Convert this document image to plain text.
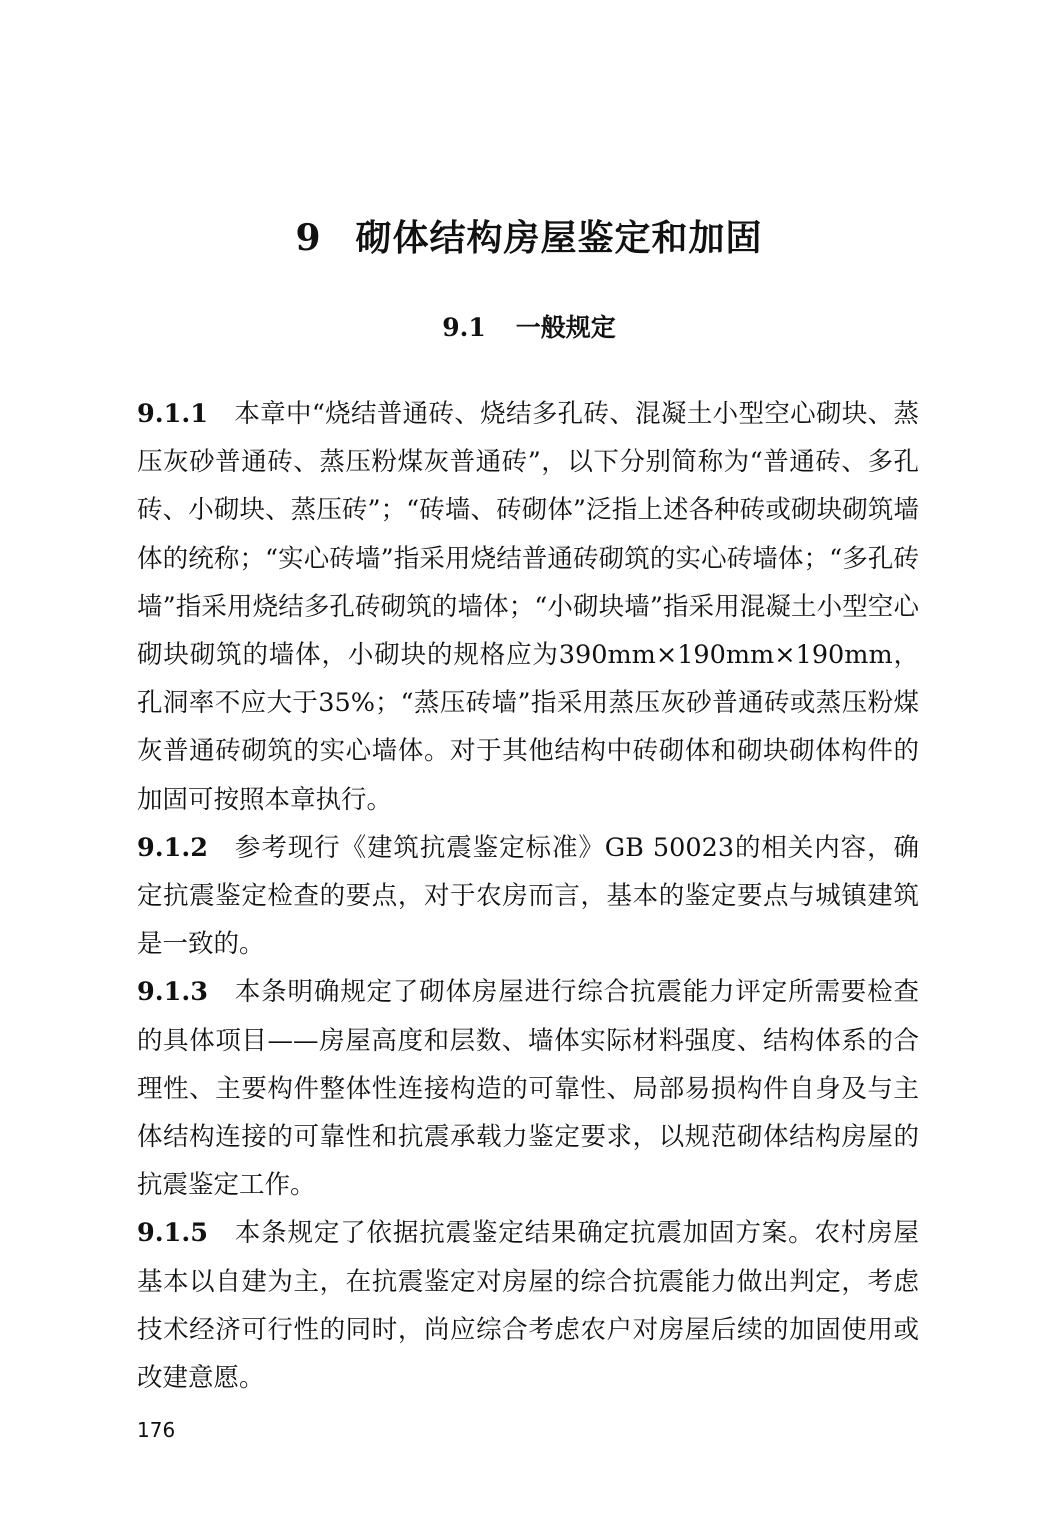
9 砌体结构房屋鉴定和加固
9.1 一般规定

9.1.1 本章中“烧结普通砖、烧结多孔砖、混凝土小型空心砌块、蒸压灰砂普通砖、蒸压粉煤灰普通砖”，以下分别简称为“普通砖、多孔砖、小砌块、蒸压砖”；“砖墙、砖砌体”泛指上述各种砖或砌块砌筑墙体的统称；“实心砖墙”指采用烧结普通砖砌筑的实心砖墙体；“多孔砖墙”指采用烧结多孔砖砌筑的墙体；“小砌块墙”指采用混凝土小型空心砌块砌筑的墙体，小砌块的规格应为390mm×190mm×190mm，孔洞率不应大于35%；“蒸压砖墙”指采用蒸压灰砂普通砖或蒸压粉煤灰普通砖砌筑的实心墙体。对于其他结构中砖砌体和砌块砌体构件的加固可按照本章执行。

9.1.2 参考现行《建筑抗震鉴定标准》GB 50023的相关内容，确定抗震鉴定检查的要点，对于农房而言，基本的鉴定要点与城镇建筑是一致的。

9.1.3 本条明确规定了砌体房屋进行综合抗震能力评定所需要检查的具体项目——房屋高度和层数、墙体实际材料强度、结构体系的合理性、主要构件整体性连接构造的可靠性、局部易损构件自身及与主体结构连接的可靠性和抗震承载力鉴定要求，以规范砌体结构房屋的抗震鉴定工作。

9.1.5 本条规定了依据抗震鉴定结果确定抗震加固方案。农村房屋基本以自建为主，在抗震鉴定对房屋的综合抗震能力做出判定，考虑技术经济可行性的同时，尚应综合考虑农户对房屋后续的加固使用或改建意愿。

176
